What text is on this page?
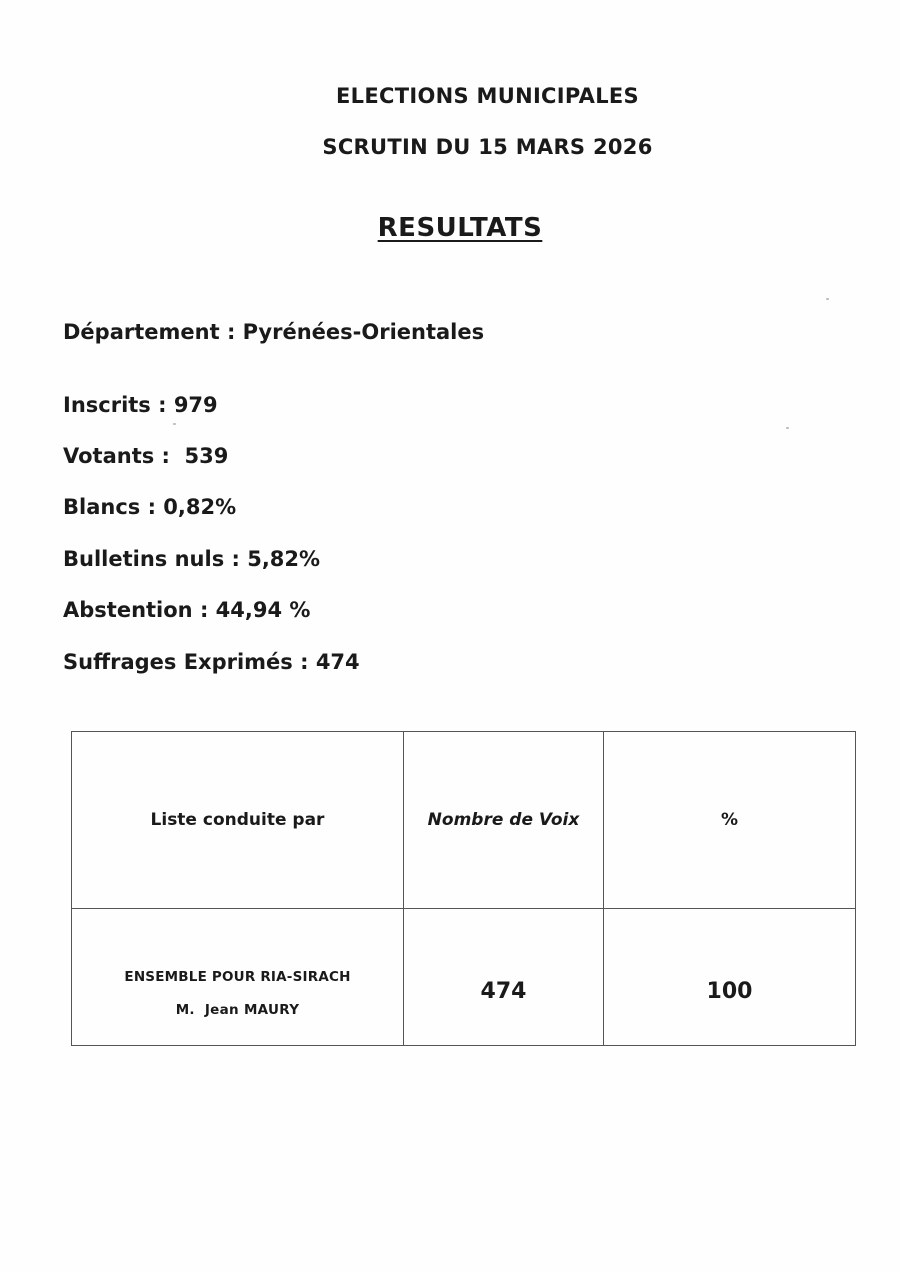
ELECTIONS MUNICIPALES
SCRUTIN DU 15 MARS 2026
RESULTATS
Département : Pyrénées-Orientales
Inscrits : 979
Votants :  539
Blancs : 0,82%
Bulletins nuls : 5,82%
Abstention : 44,94 %
Suffrages Exprimés : 474
Liste conduite par	Nombre de Voix	%

ENSEMBLE POUR RIA-SIRACH
M.  Jean MAURY	474	100
